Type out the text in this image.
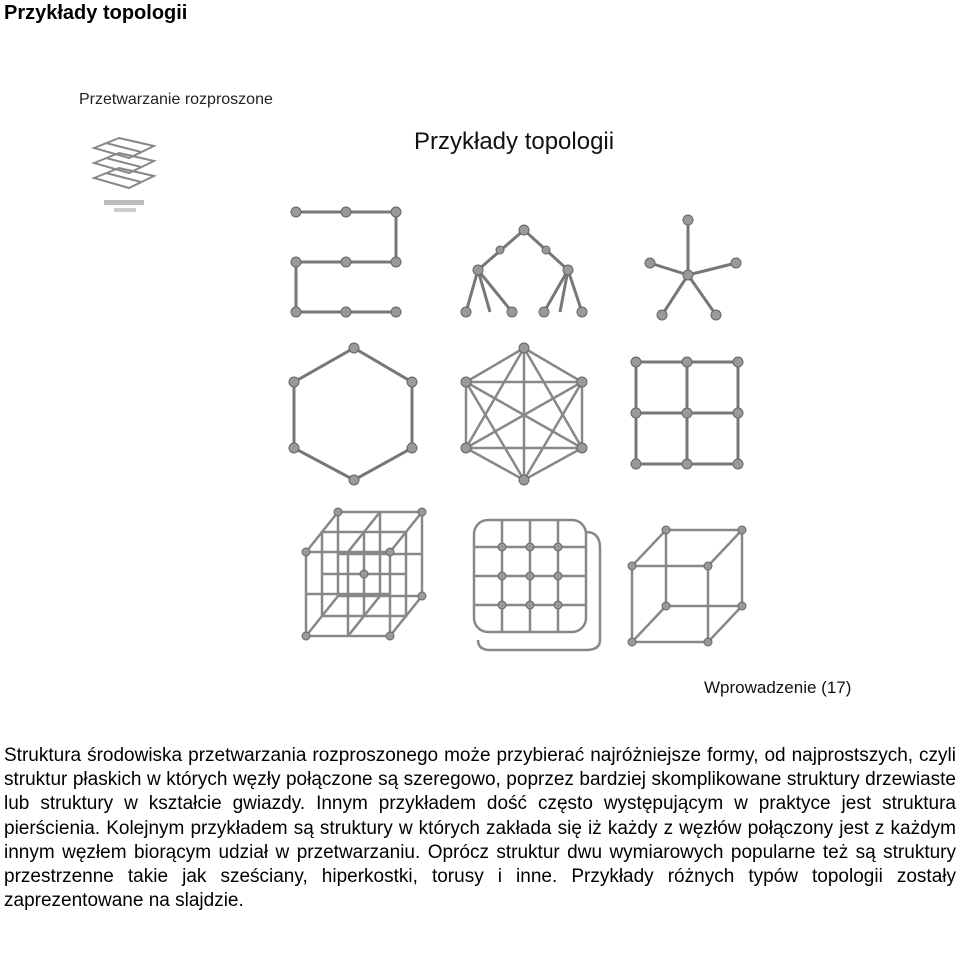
Przykłady topologii
Przetwarzanie rozproszone
Przykłady topologii
Wprowadzenie (17)
Struktura środowiska przetwarzania rozproszonego może przybierać najróżniejsze formy, od najprostszych, czyli struktur płaskich w których węzły połączone są szeregowo, poprzez bardziej skomplikowane struktury drzewiaste lub struktury w kształcie gwiazdy. Innym przykładem dość często występującym w praktyce jest struktura pierścienia. Kolejnym przykładem są struktury w których zakłada się iż każdy z węzłów połączony jest z każdym innym węzłem biorącym udział w przetwarzaniu. Oprócz struktur dwu wymiarowych popularne też są struktury przestrzenne takie jak sześciany, hiperkostki, torusy i inne. Przykłady różnych typów topologii zostały zaprezentowane na slajdzie.
